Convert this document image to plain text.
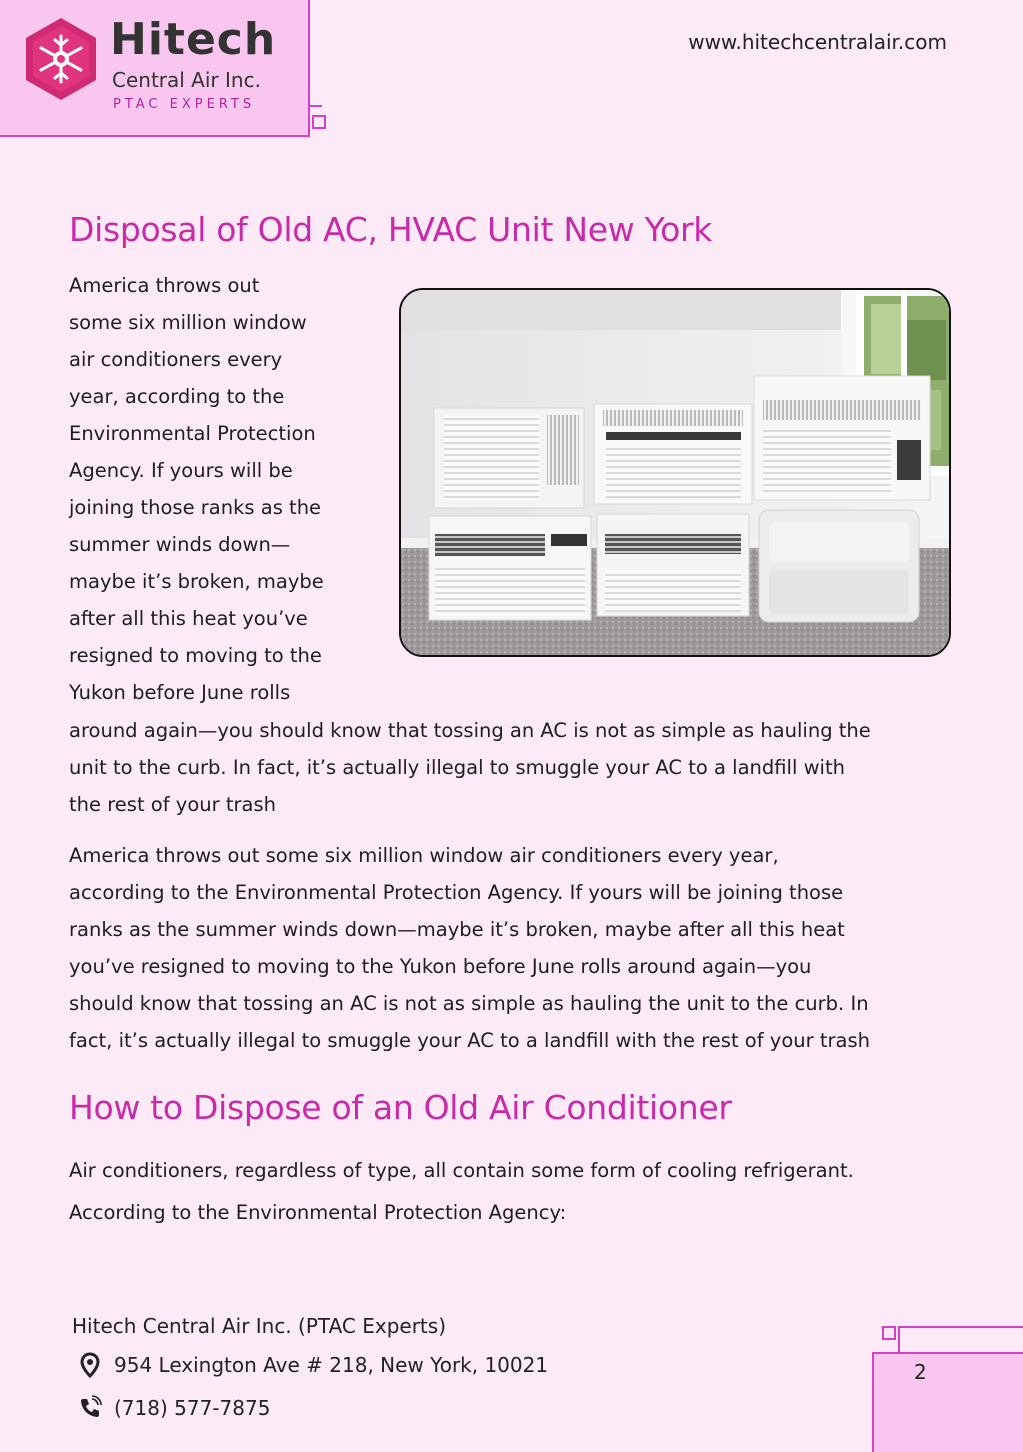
Hitech
Central Air Inc.
PTAC EXPERTS
www.hitechcentralair.com
Disposal of Old AC, HVAC Unit New York
America throws out
some six million window
air conditioners every
year, according to the
Environmental Protection
Agency. If yours will be
joining those ranks as the
summer winds down—
maybe it’s broken, maybe
after all this heat you’ve
resigned to moving to the
Yukon before June rolls
around again—you should know that tossing an AC is not as simple as hauling the
unit to the curb. In fact, it’s actually illegal to smuggle your AC to a landfill with
the rest of your trash
America throws out some six million window air conditioners every year,
according to the Environmental Protection Agency. If yours will be joining those
ranks as the summer winds down—maybe it’s broken, maybe after all this heat
you’ve resigned to moving to the Yukon before June rolls around again—you
should know that tossing an AC is not as simple as hauling the unit to the curb. In
fact, it’s actually illegal to smuggle your AC to a landfill with the rest of your trash
How to Dispose of an Old Air Conditioner
Air conditioners, regardless of type, all contain some form of cooling refrigerant.
According to the Environmental Protection Agency:
Hitech Central Air Inc. (PTAC Experts)
954 Lexington Ave # 218, New York, 10021
(718) 577-7875
2
